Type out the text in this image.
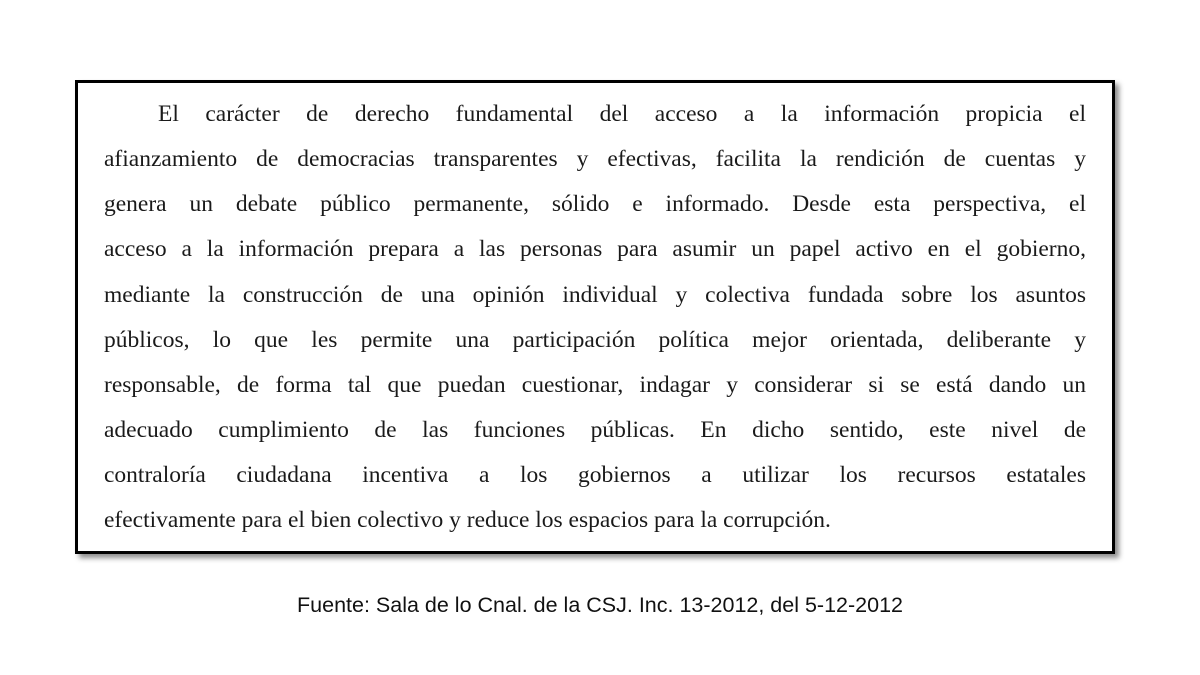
El carácter de derecho fundamental del acceso a la información propicia el
afianzamiento de democracias transparentes y efectivas, facilita la rendición de cuentas y
genera un debate público permanente, sólido e informado. Desde esta perspectiva, el
acceso a la información prepara a las personas para asumir un papel activo en el gobierno,
mediante la construcción de una opinión individual y colectiva fundada sobre los asuntos
públicos, lo que les permite una participación política mejor orientada, deliberante y
responsable, de forma tal que puedan cuestionar, indagar y considerar si se está dando un
adecuado cumplimiento de las funciones públicas. En dicho sentido, este nivel de
contraloría ciudadana incentiva a los gobiernos a utilizar los recursos estatales
efectivamente para el bien colectivo y reduce los espacios para la corrupción.
Fuente: Sala de lo Cnal. de la CSJ. Inc. 13-2012, del 5-12-2012
